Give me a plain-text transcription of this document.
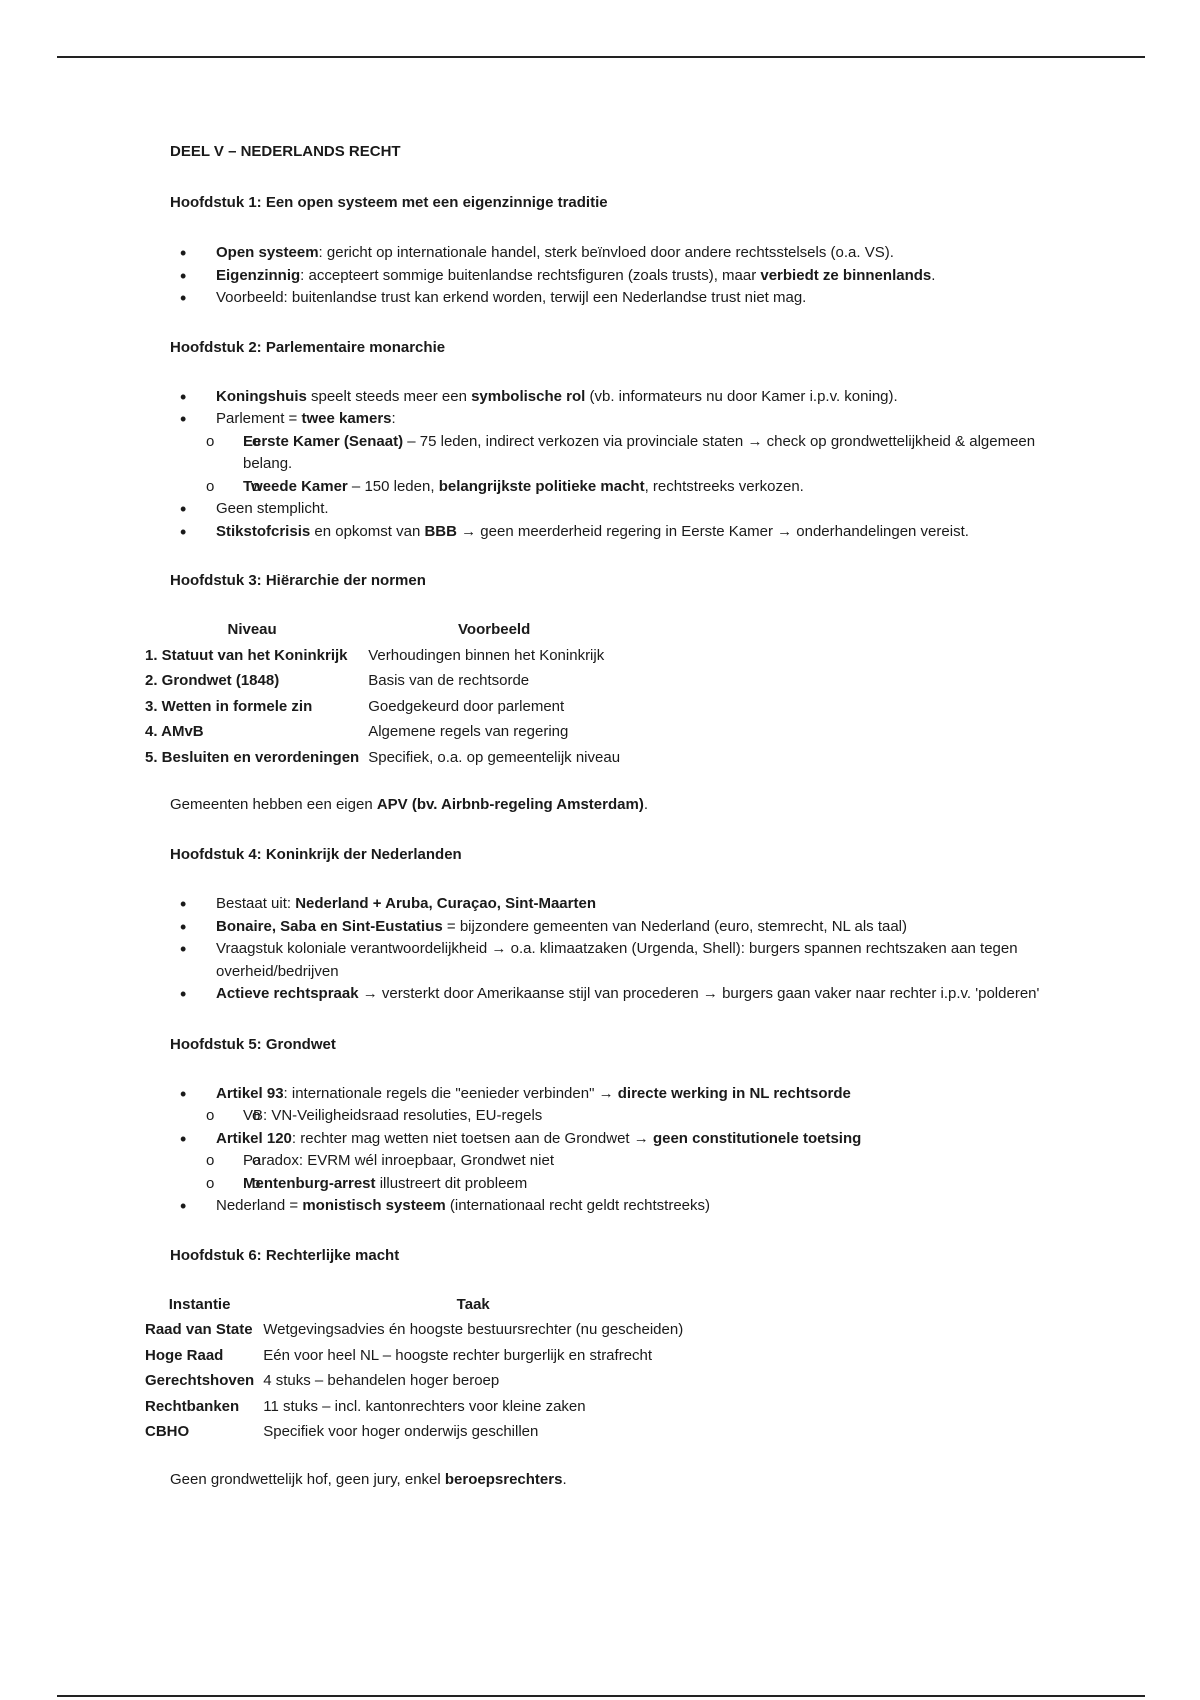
DEEL V – NEDERLANDS RECHT

Hoofdstuk 1: Een open systeem met een eigenzinnige traditie

• Open systeem: gericht op internationale handel, sterk beïnvloed door andere rechtsstelsels (o.a. VS).
• Eigenzinnig: accepteert sommige buitenlandse rechtsfiguren (zoals trusts), maar verbiedt ze binnenlands.
• Voorbeeld: buitenlandse trust kan erkend worden, terwijl een Nederlandse trust niet mag.

Hoofdstuk 2: Parlementaire monarchie

• Koningshuis speelt steeds meer een symbolische rol (vb. informateurs nu door Kamer i.p.v. koning).
• Parlement = twee kamers:
o o Eerste Kamer (Senaat) – 75 leden, indirect verkozen via provinciale staten → check op grondwettelijkheid & algemeen belang.
o o Tweede Kamer – 150 leden, belangrijkste politieke macht, rechtstreeks verkozen.
• Geen stemplicht.
• Stikstofcrisis en opkomst van BBB → geen meerderheid regering in Eerste Kamer → onderhandelingen vereist.

Hoofdstuk 3: Hiërarchie der normen

Niveau	Voorbeeld
1. Statuut van het Koninkrijk	Verhoudingen binnen het Koninkrijk
2. Grondwet (1848)	Basis van de rechtsorde
3. Wetten in formele zin	Goedgekeurd door parlement
4. AMvB	Algemene regels van regering
5. Besluiten en verordeningen	Specifiek, o.a. op gemeentelijk niveau

Gemeenten hebben een eigen APV (bv. Airbnb-regeling Amsterdam).

Hoofdstuk 4: Koninkrijk der Nederlanden

• Bestaat uit: Nederland + Aruba, Curaçao, Sint-Maarten
• Bonaire, Saba en Sint-Eustatius = bijzondere gemeenten van Nederland (euro, stemrecht, NL als taal)
• Vraagstuk koloniale verantwoordelijkheid → o.a. klimaatzaken (Urgenda, Shell): burgers spannen rechtszaken aan tegen overheid/bedrijven
• Actieve rechtspraak → versterkt door Amerikaanse stijl van procederen → burgers gaan vaker naar rechter i.p.v. 'polderen'

Hoofdstuk 5: Grondwet

• Artikel 93: internationale regels die "eenieder verbinden" → directe werking in NL rechtsorde
o o VB: VN-Veiligheidsraad resoluties, EU-regels
• Artikel 120: rechter mag wetten niet toetsen aan de Grondwet → geen constitutionele toetsing
o o Paradox: EVRM wél inroepbaar, Grondwet niet
o o Mentenburg-arrest illustreert dit probleem
• Nederland = monistisch systeem (internationaal recht geldt rechtstreeks)

Hoofdstuk 6: Rechterlijke macht

Instantie	Taak
Raad van State	Wetgevingsadvies én hoogste bestuursrechter (nu gescheiden)
Hoge Raad	Eén voor heel NL – hoogste rechter burgerlijk en strafrecht
Gerechtshoven	4 stuks – behandelen hoger beroep
Rechtbanken	11 stuks – incl. kantonrechters voor kleine zaken
CBHO	Specifiek voor hoger onderwijs geschillen

Geen grondwettelijk hof, geen jury, enkel beroepsrechters.
